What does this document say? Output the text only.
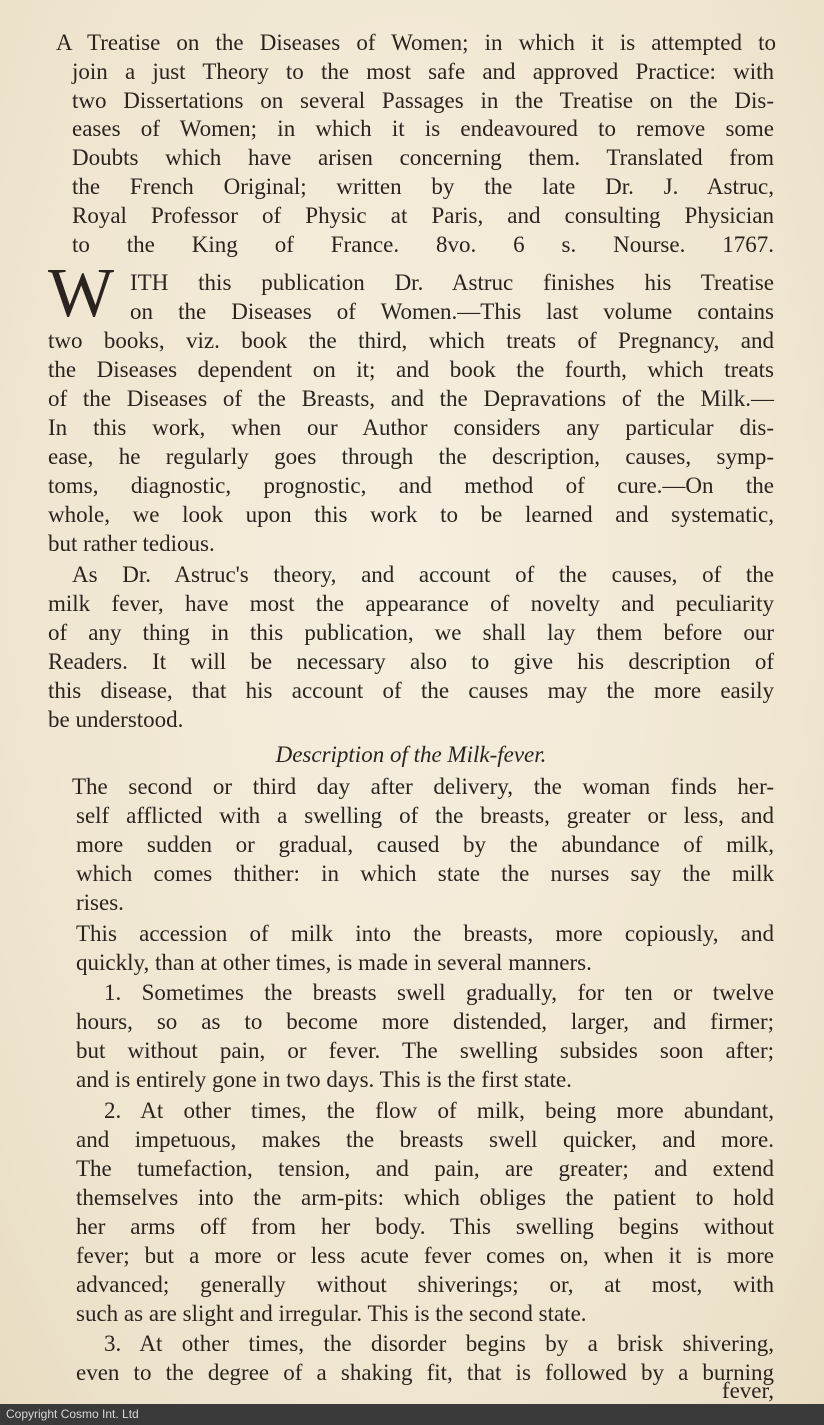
A Treatise on the Diseases of Women; in which it is attempted to
join a just Theory to the most safe and approved Practice: with
two Dissertations on several Passages in the Treatise on the Dis-
eases of Women; in which it is endeavoured to remove some
Doubts which have arisen concerning them. Translated from
the French Original; written by the late Dr. J. Astruc,
Royal Professor of Physic at Paris, and consulting Physician
to the King of France. 8vo. 6 s. Nourse. 1767.
W ITH this publication Dr. Astruc finishes his Treatise
on the Diseases of Women.—This last volume contains
two books, viz. book the third, which treats of Pregnancy, and
the Diseases dependent on it; and book the fourth, which treats
of the Diseases of the Breasts, and the Depravations of the Milk.—
In this work, when our Author considers any particular dis-
ease, he regularly goes through the description, causes, symp-
toms, diagnostic, prognostic, and method of cure.—On the
whole, we look upon this work to be learned and systematic,
but rather tedious.
As Dr. Astruc's theory, and account of the causes, of the
milk fever, have most the appearance of novelty and peculiarity
of any thing in this publication, we shall lay them before our
Readers. It will be necessary also to give his description of
this disease, that his account of the causes may the more easily
be understood.
Description of the Milk-fever.
The second or third day after delivery, the woman finds her-
self afflicted with a swelling of the breasts, greater or less, and
more sudden or gradual, caused by the abundance of milk,
which comes thither: in which state the nurses say the milk
rises.
This accession of milk into the breasts, more copiously, and
quickly, than at other times, is made in several manners.
1. Sometimes the breasts swell gradually, for ten or twelve
hours, so as to become more distended, larger, and firmer;
but without pain, or fever. The swelling subsides soon after;
and is entirely gone in two days. This is the first state.
2. At other times, the flow of milk, being more abundant,
and impetuous, makes the breasts swell quicker, and more.
The tumefaction, tension, and pain, are greater; and extend
themselves into the arm-pits: which obliges the patient to hold
her arms off from her body. This swelling begins without
fever; but a more or less acute fever comes on, when it is more
advanced; generally without shiverings; or, at most, with
such as are slight and irregular. This is the second state.
3. At other times, the disorder begins by a brisk shivering,
even to the degree of a shaking fit, that is followed by a burning
fever,
Copyright Cosmo Int. Ltd
